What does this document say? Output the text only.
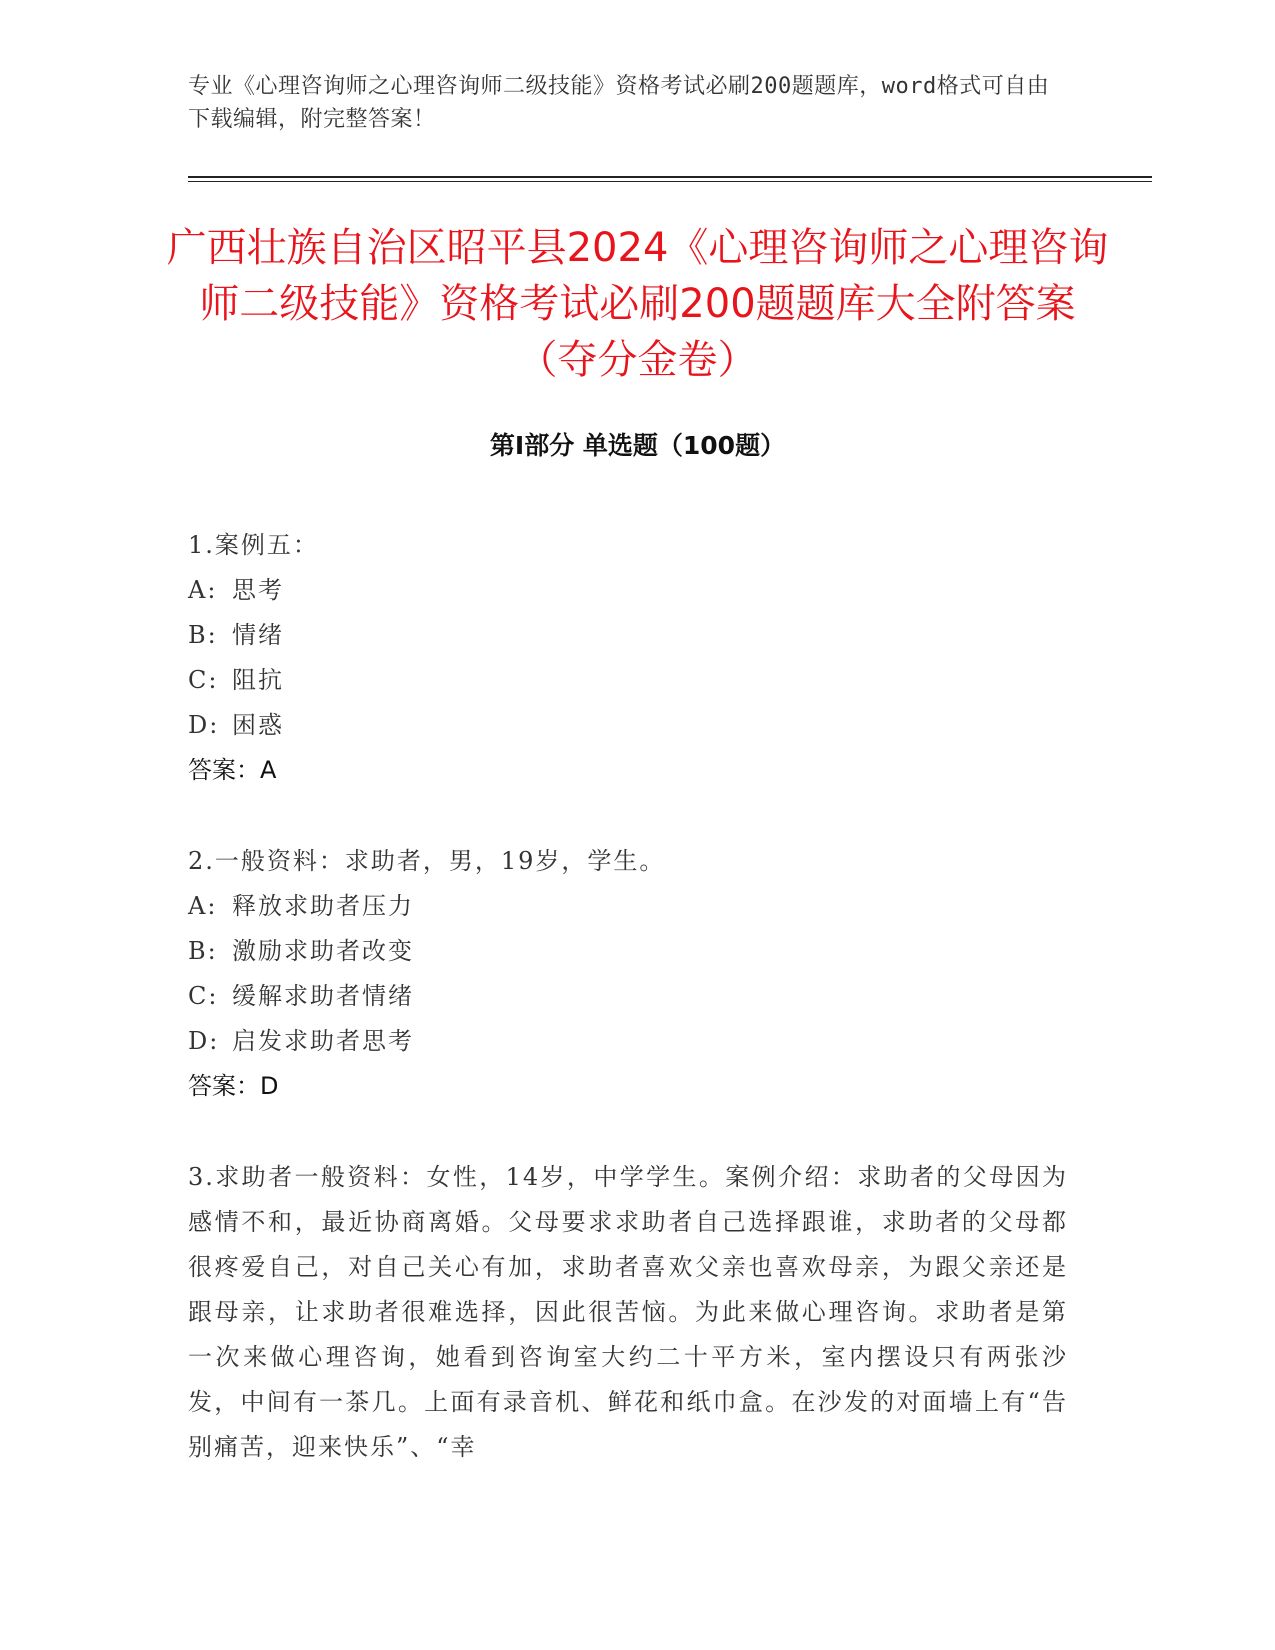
专业《心理咨询师之心理咨询师二级技能》资格考试必刷200题题库，word格式可自由下载编辑，附完整答案！
广西壮族自治区昭平县2024《心理咨询师之心理咨询师二级技能》资格考试必刷200题题库大全附答案（夺分金卷）
第I部分 单选题（100题）
1.案例五：
A: 思考
B: 情绪
C: 阻抗
D: 困惑
答案：A
2.一般资料：求助者，男，19岁，学生。
A: 释放求助者压力
B: 激励求助者改变
C: 缓解求助者情绪
D: 启发求助者思考
答案：D
3.求助者一般资料：女性，14岁，中学学生。案例介绍：求助者的父母因为感情不和，最近协商离婚。父母要求求助者自己选择跟谁，求助者的父母都很疼爱自己，对自己关心有加，求助者喜欢父亲也喜欢母亲，为跟父亲还是跟母亲，让求助者很难选择，因此很苦恼。为此来做心理咨询。求助者是第一次来做心理咨询，她看到咨询室大约二十平方米，室内摆设只有两张沙发，中间有一茶几。上面有录音机、鲜花和纸巾盒。在沙发的对面墙上有“告别痛苦，迎来快乐”、“幸
